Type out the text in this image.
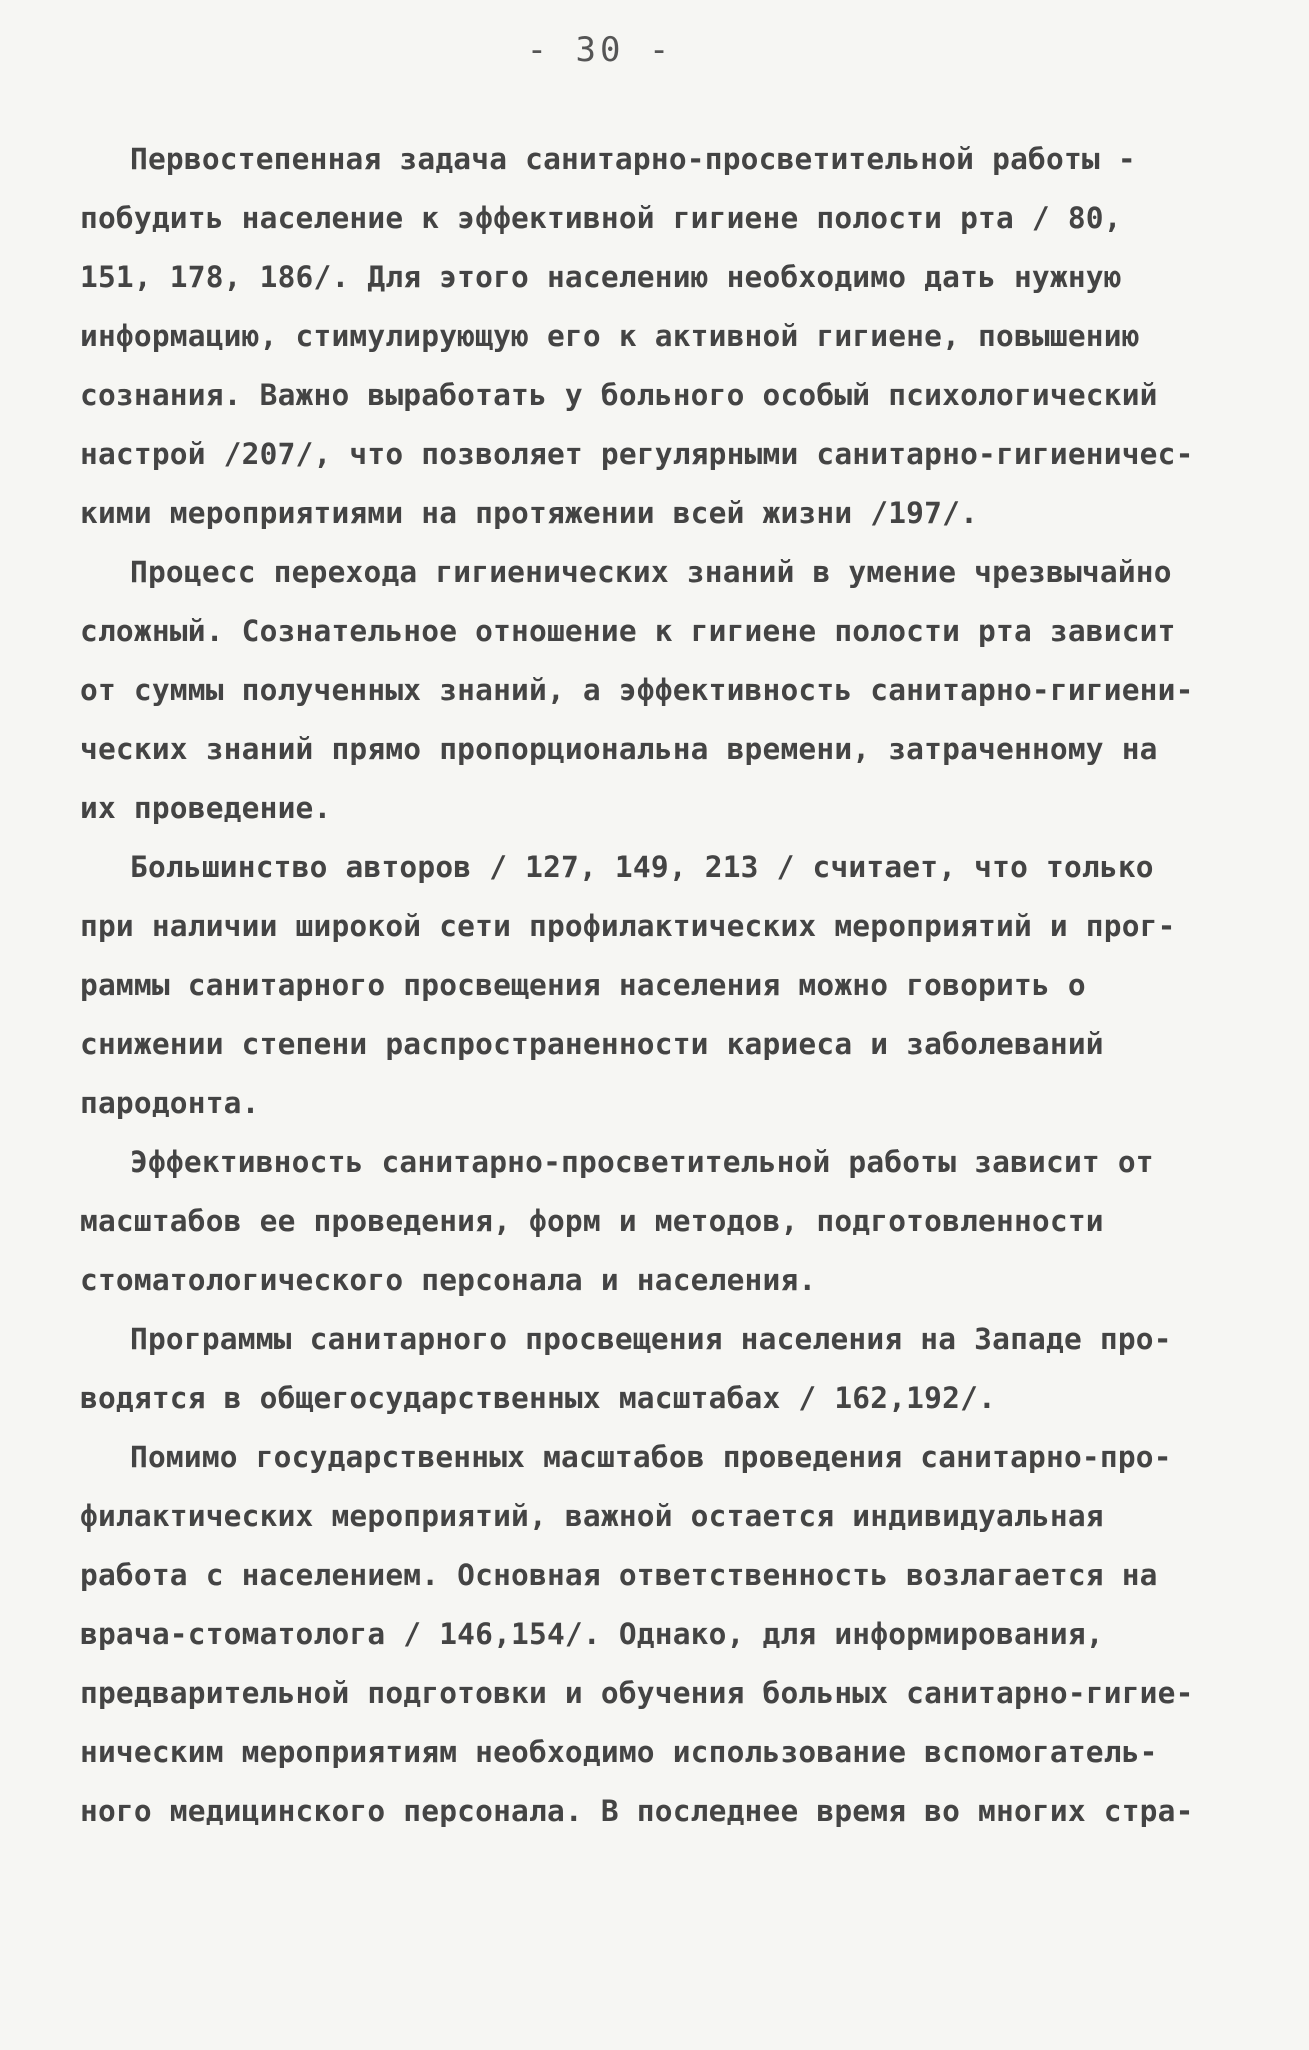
- 30 -
Первостепенная задача санитарно-просветительной работы -
побудить население к эффективной гигиене полости рта / 80,
151, 178, 186/. Для этого населению необходимо дать нужную
информацию, стимулирующую его к активной гигиене, повышению
сознания. Важно выработать у больного особый психологический
настрой /207/, что позволяет регулярными санитарно-гигиеничес-
кими мероприятиями на протяжении всей жизни /197/.
Процесс перехода гигиенических знаний в умение чрезвычайно
сложный. Сознательное отношение к гигиене полости рта зависит
от суммы полученных знаний, а эффективность санитарно-гигиени-
ческих знаний прямо пропорциональна времени, затраченному на
их проведение.
Большинство авторов / 127, 149, 213 / считает, что только
при наличии широкой сети профилактических мероприятий и прог-
раммы санитарного просвещения населения можно говорить о
снижении степени распространенности кариеса и заболеваний
пародонта.
Эффективность санитарно-просветительной работы зависит от
масштабов ее проведения, форм и методов, подготовленности
стоматологического персонала и населения.
Программы санитарного просвещения населения на Западе про-
водятся в общегосударственных масштабах / 162,192/.
Помимо государственных масштабов проведения санитарно-про-
филактических мероприятий, важной остается индивидуальная
работа с населением. Основная ответственность возлагается на
врача-стоматолога / 146,154/. Однако, для информирования,
предварительной подготовки и обучения больных санитарно-гигие-
ническим мероприятиям необходимо использование вспомогатель-
ного медицинского персонала. В последнее время во многих стра-
